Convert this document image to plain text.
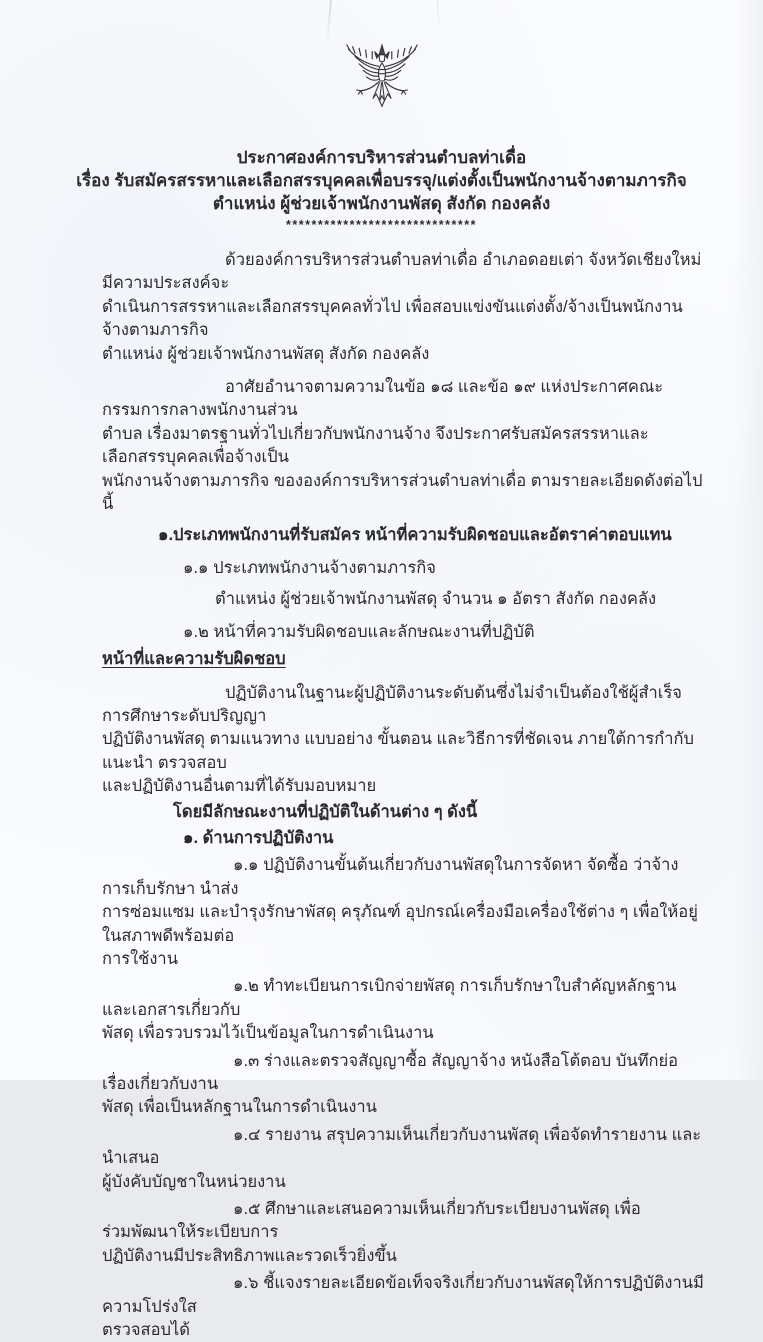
ประกาศองค์การบริหารส่วนตำบลท่าเดื่อ
เรื่อง รับสมัครสรรหาและเลือกสรรบุคคลเพื่อบรรจุ/แต่งตั้งเป็นพนักงานจ้างตามภารกิจ
ตำแหน่ง ผู้ช่วยเจ้าพนักงานพัสดุ สังกัด กองคลัง
******************************
ด้วยองค์การบริหารส่วนตำบลท่าเดื่อ อำเภอดอยเต่า จังหวัดเชียงใหม่ มีความประสงค์จะ
ดำเนินการสรรหาและเลือกสรรบุคคลทั่วไป เพื่อสอบแข่งขันแต่งตั้ง/จ้างเป็นพนักงานจ้างตามภารกิจ
ตำแหน่ง ผู้ช่วยเจ้าพนักงานพัสดุ สังกัด กองคลัง
อาศัยอำนาจตามความในข้อ ๑๘ และข้อ ๑๙ แห่งประกาศคณะกรรมการกลางพนักงานส่วน
ตำบล เรื่องมาตรฐานทั่วไปเกี่ยวกับพนักงานจ้าง จึงประกาศรับสมัครสรรหาและเลือกสรรบุคคลเพื่อจ้างเป็น
พนักงานจ้างตามภารกิจ ขององค์การบริหารส่วนตำบลท่าเดื่อ ตามรายละเอียดดังต่อไปนี้
๑.ประเภทพนักงานที่รับสมัคร หน้าที่ความรับผิดชอบและอัตราค่าตอบแทน
๑.๑ ประเภทพนักงานจ้างตามภารกิจ
ตำแหน่ง ผู้ช่วยเจ้าพนักงานพัสดุ จำนวน ๑ อัตรา สังกัด กองคลัง
๑.๒ หน้าที่ความรับผิดชอบและลักษณะงานที่ปฏิบัติ
หน้าที่และความรับผิดชอบ
ปฏิบัติงานในฐานะผู้ปฏิบัติงานระดับต้นซึ่งไม่จำเป็นต้องใช้ผู้สำเร็จการศึกษาระดับปริญญา
ปฏิบัติงานพัสดุ ตามแนวทาง แบบอย่าง ขั้นตอน และวิธีการที่ชัดเจน ภายใต้การกำกับ แนะนำ ตรวจสอบ
และปฏิบัติงานอื่นตามที่ได้รับมอบหมาย
โดยมีลักษณะงานที่ปฏิบัติในด้านต่าง ๆ ดังนี้
๑. ด้านการปฏิบัติงาน
๑.๑ ปฏิบัติงานขั้นต้นเกี่ยวกับงานพัสดุในการจัดหา จัดซื้อ ว่าจ้าง การเก็บรักษา นำส่ง
การซ่อมแซม และบำรุงรักษาพัสดุ ครุภัณฑ์ อุปกรณ์เครื่องมือเครื่องใช้ต่าง ๆ เพื่อให้อยู่ในสภาพดีพร้อมต่อ
การใช้งาน
๑.๒ ทำทะเบียนการเบิกจ่ายพัสดุ การเก็บรักษาใบสำคัญหลักฐานและเอกสารเกี่ยวกับ
พัสดุ เพื่อรวบรวมไว้เป็นข้อมูลในการดำเนินงาน
๑.๓ ร่างและตรวจสัญญาซื้อ สัญญาจ้าง หนังสือโต้ตอบ บันทึกย่อเรื่องเกี่ยวกับงาน
พัสดุ เพื่อเป็นหลักฐานในการดำเนินงาน
๑.๔ รายงาน สรุปความเห็นเกี่ยวกับงานพัสดุ เพื่อจัดทำรายงาน และนำเสนอ
ผู้บังคับบัญชาในหน่วยงาน
๑.๕ ศึกษาและเสนอความเห็นเกี่ยวกับระเบียบงานพัสดุ เพื่อร่วมพัฒนาให้ระเบียบการ
ปฏิบัติงานมีประสิทธิภาพและรวดเร็วยิ่งขึ้น
๑.๖ ชี้แจงรายละเอียดข้อเท็จจริงเกี่ยวกับงานพัสดุให้การปฏิบัติงานมีความโปร่งใส
ตรวจสอบได้
